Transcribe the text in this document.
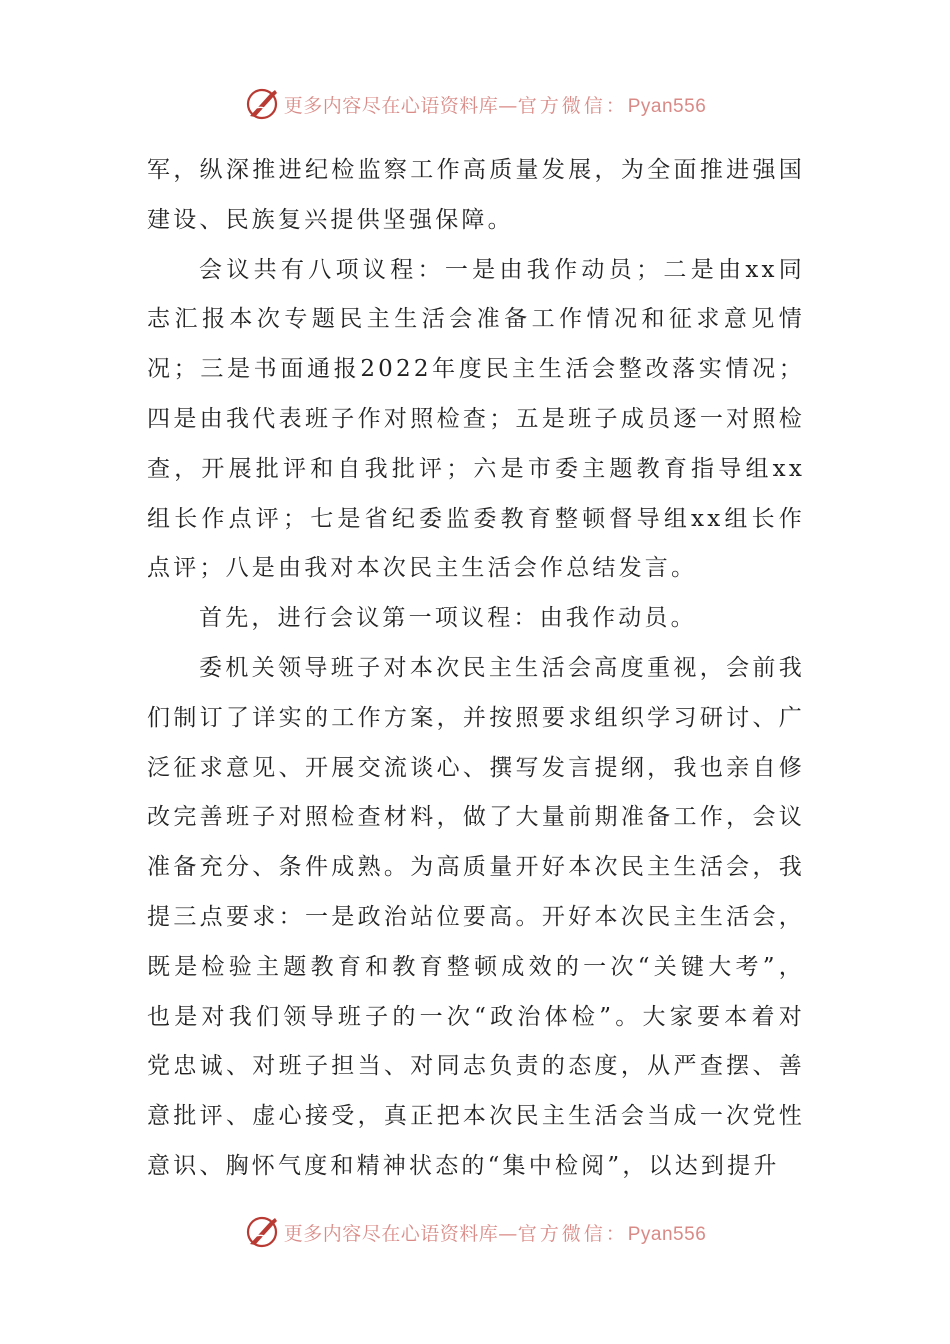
更多内容尽在心语资料库—官方微信：Pyan556

军，纵深推进纪检监察工作高质量发展，为全面推进强国建设、民族复兴提供坚强保障。

会议共有八项议程：一是由我作动员；二是由xx同志汇报本次专题民主生活会准备工作情况和征求意见情况；三是书面通报2022年度民主生活会整改落实情况；四是由我代表班子作对照检查；五是班子成员逐一对照检查，开展批评和自我批评；六是市委主题教育指导组xx组长作点评；七是省纪委监委教育整顿督导组xx组长作点评；八是由我对本次民主生活会作总结发言。

首先，进行会议第一项议程：由我作动员。

委机关领导班子对本次民主生活会高度重视，会前我们制订了详实的工作方案，并按照要求组织学习研讨、广泛征求意见、开展交流谈心、撰写发言提纲，我也亲自修改完善班子对照检查材料，做了大量前期准备工作，会议准备充分、条件成熟。为高质量开好本次民主生活会，我提三点要求：一是政治站位要高。开好本次民主生活会，既是检验主题教育和教育整顿成效的一次“关键大考”，也是对我们领导班子的一次“政治体检”。大家要本着对党忠诚、对班子担当、对同志负责的态度，从严查摆、善意批评、虚心接受，真正把本次民主生活会当成一次党性意识、胸怀气度和精神状态的“集中检阅”，以达到提升

更多内容尽在心语资料库—官方微信：Pyan556
